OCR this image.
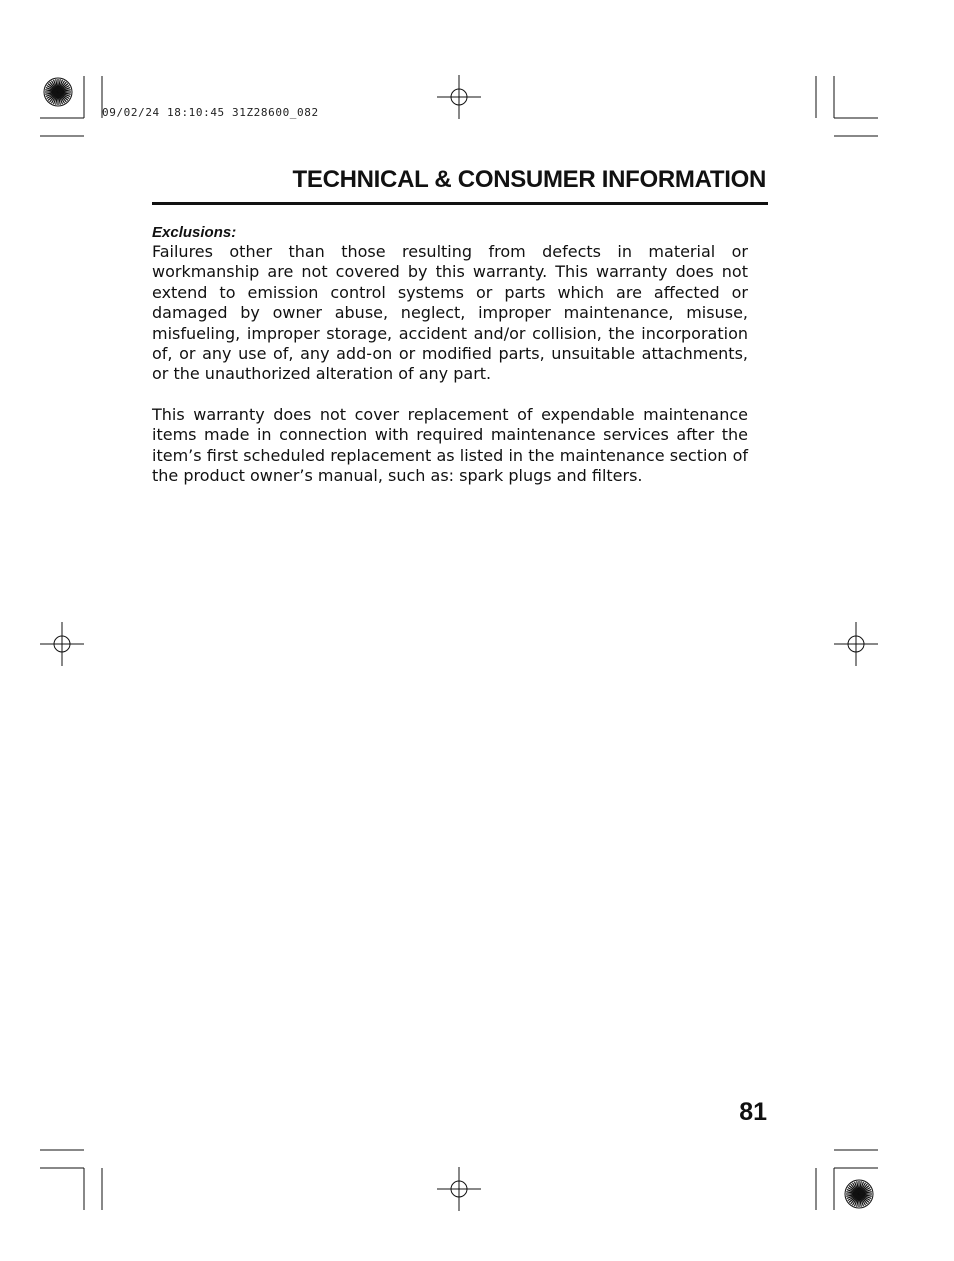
09/02/24 18:10:45 31Z28600_082
TECHNICAL & CONSUMER INFORMATION

Exclusions:

Failures other than those resulting from defects in material or workmanship are not covered by this warranty. This warranty does not extend to emission control systems or parts which are affected or damaged by owner abuse, neglect, improper maintenance, misuse, misfueling, improper storage, accident and/or collision, the incorporation of, or any use of, any add-on or modified parts, unsuitable attachments, or the unauthorized alteration of any part.

This warranty does not cover replacement of expendable maintenance items made in connection with required maintenance services after the item’s first scheduled replacement as listed in the maintenance section of the product owner’s manual, such as: spark plugs and filters.

81
